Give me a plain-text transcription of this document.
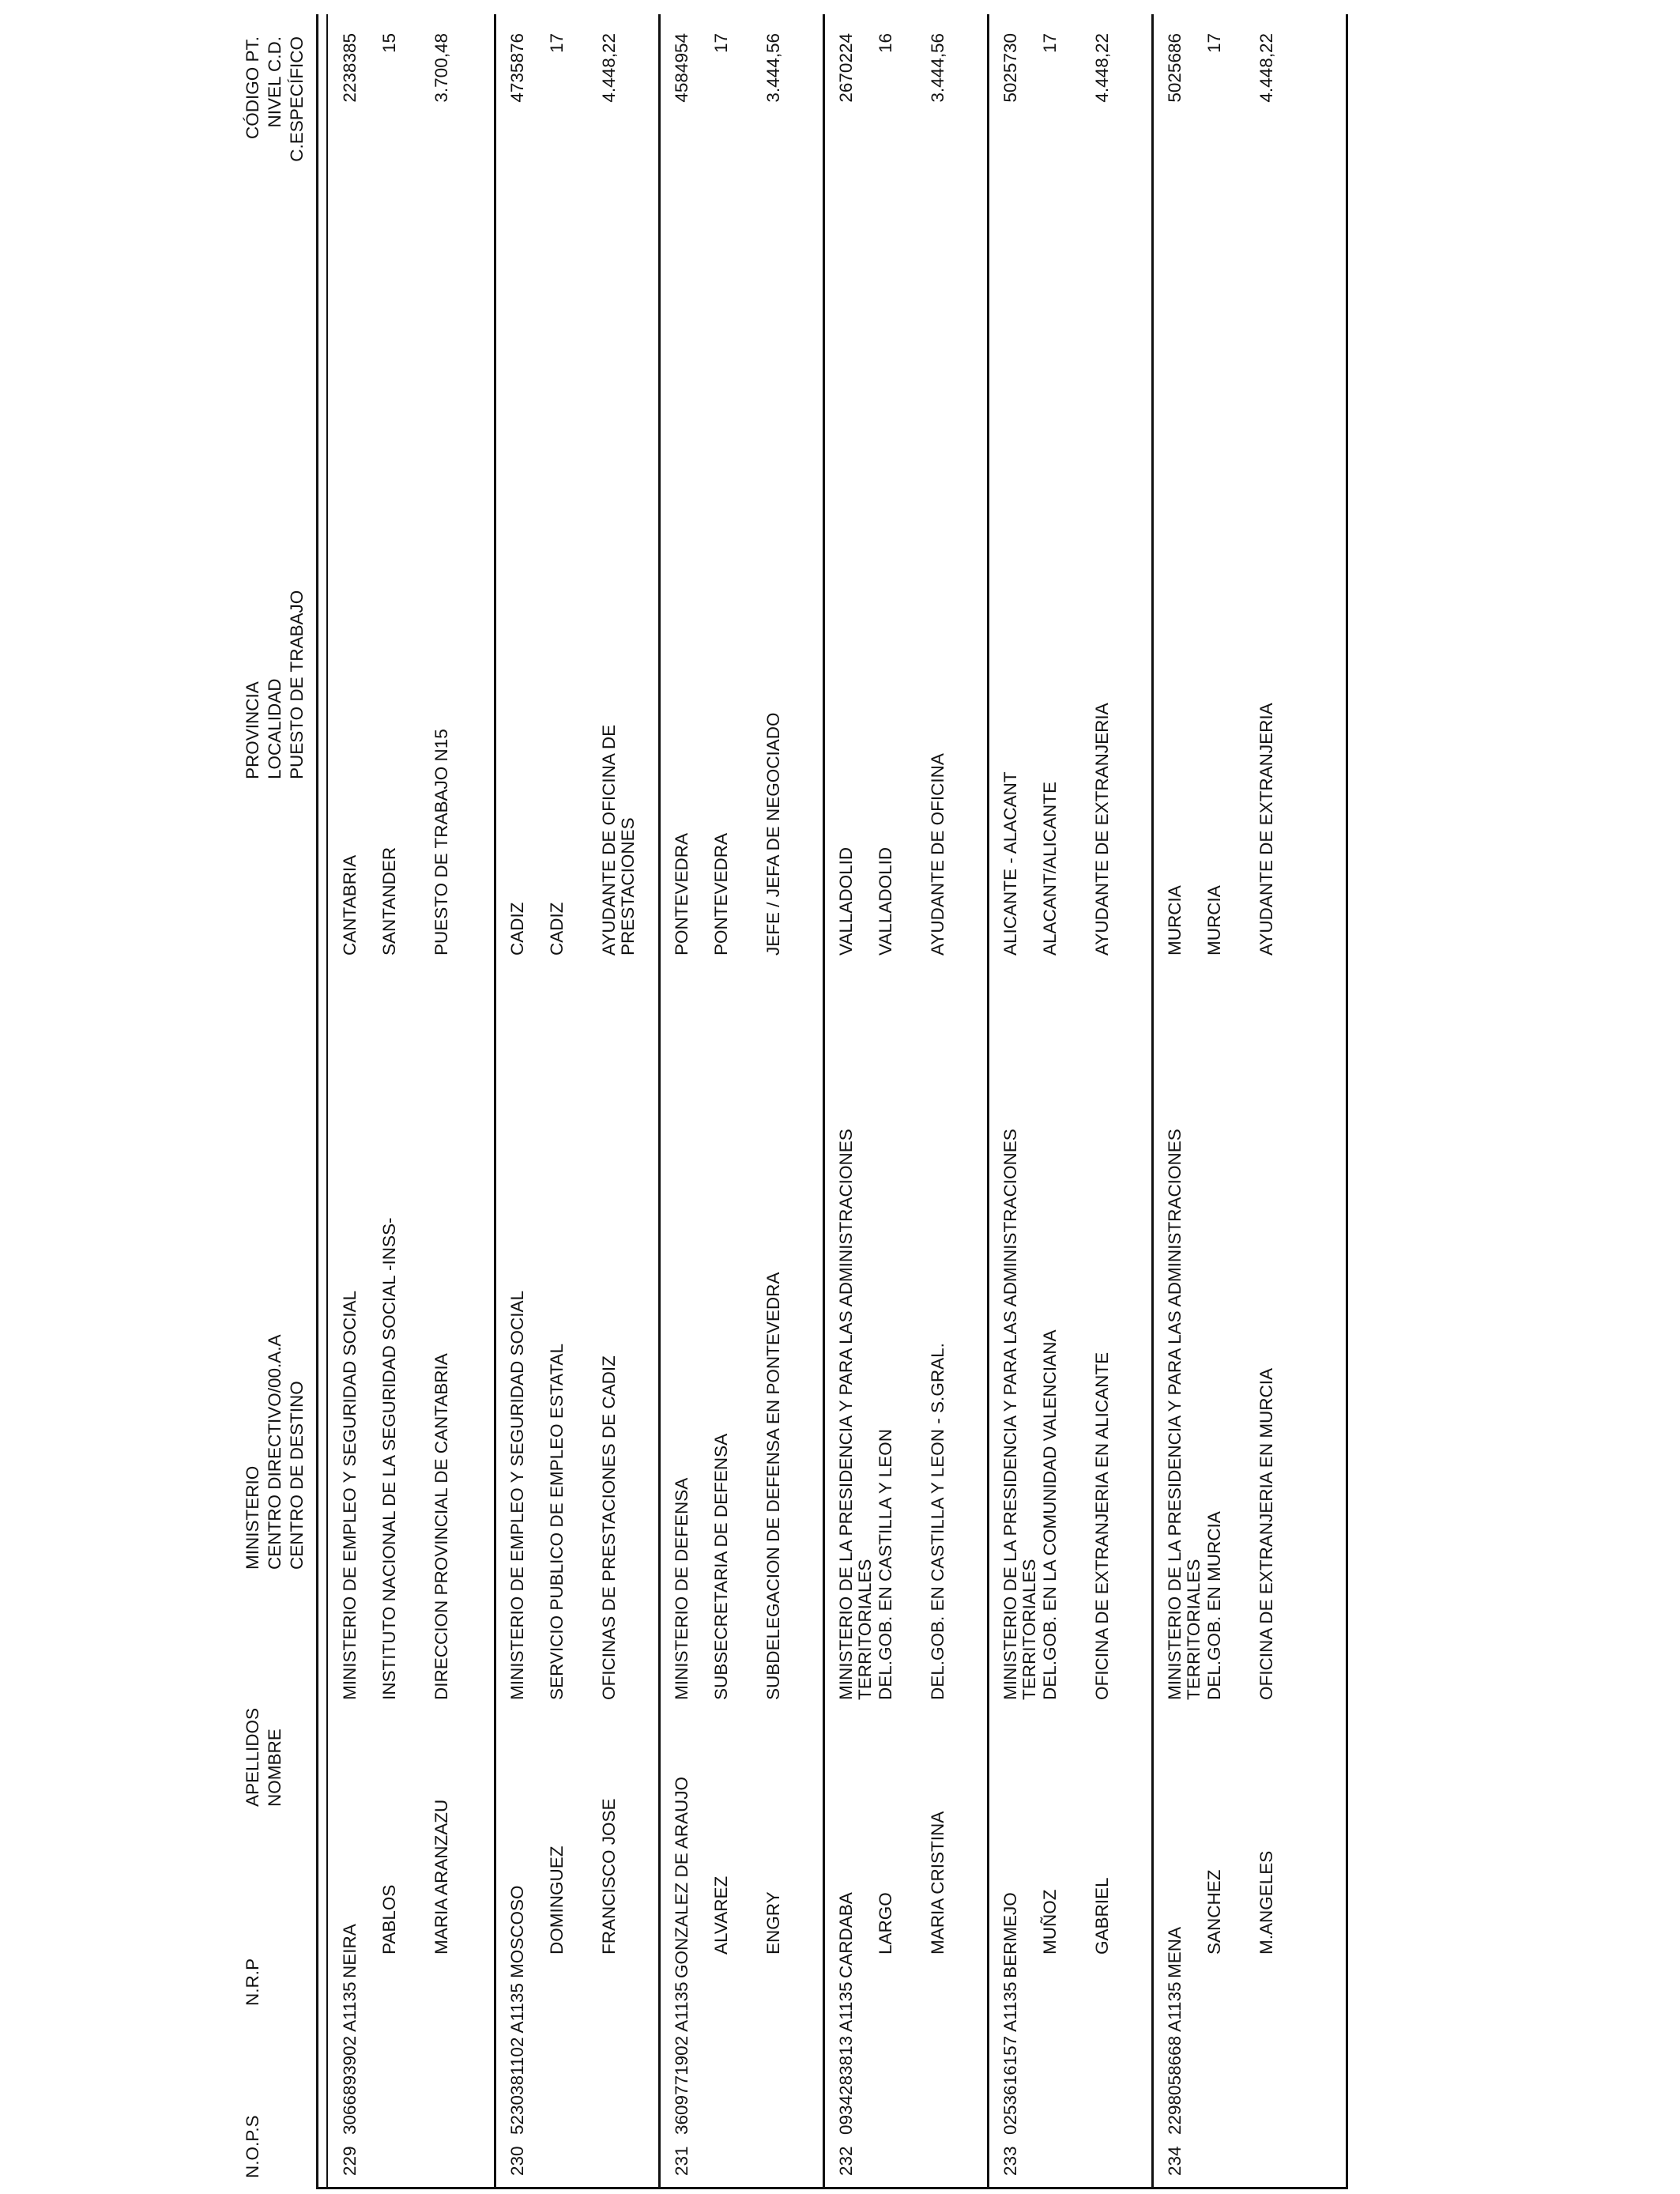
N.O.P.S
N.R.P
APELLIDOS NOMBRE
MINISTERIO CENTRO DIRECTIVO/00.A.A CENTRO DE DESTINO
PROVINCIA LOCALIDAD PUESTO DE TRABAJO
CÓDIGO PT. NIVEL C.D. C.ESPECÍFICO
229
3066893902 A1135
NEIRA PABLOS MARIA ARANZAZU
MINISTERIO DE EMPLEO Y SEGURIDAD SOCIAL INSTITUTO NACIONAL DE LA SEGURIDAD SOCIAL -INSS- DIRECCION PROVINCIAL DE CANTABRIA
CANTABRIA SANTANDER PUESTO DE TRABAJO N15
2238385 15 3.700,48
230
5230381102 A1135
MOSCOSO DOMINGUEZ FRANCISCO JOSE
MINISTERIO DE EMPLEO Y SEGURIDAD SOCIAL SERVICIO PUBLICO DE EMPLEO ESTATAL OFICINAS DE PRESTACIONES DE CADIZ
CADIZ CADIZ AYUDANTE DE OFICINA DE PRESTACIONES
4735876 17 4.448,22
231
3609771902 A1135
GONZALEZ DE ARAUJO ALVAREZ ENGRY
MINISTERIO DE DEFENSA SUBSECRETARIA DE DEFENSA SUBDELEGACION DE DEFENSA EN PONTEVEDRA
PONTEVEDRA PONTEVEDRA JEFE / JEFA DE NEGOCIADO
4584954 17 3.444,56
232
0934283813 A1135
CARDABA LARGO MARIA CRISTINA
MINISTERIO DE LA PRESIDENCIA Y PARA LAS ADMINISTRACIONES TERRITORIALES DEL.GOB. EN CASTILLA Y LEON DEL.GOB. EN CASTILLA Y LEON - S.GRAL.
VALLADOLID VALLADOLID AYUDANTE DE OFICINA
2670224 16 3.444,56
233
0253616157 A1135
BERMEJO MUÑOZ GABRIEL
MINISTERIO DE LA PRESIDENCIA Y PARA LAS ADMINISTRACIONES TERRITORIALES DEL.GOB. EN LA COMUNIDAD VALENCIANA OFICINA DE EXTRANJERIA EN ALICANTE
ALICANTE - ALACANT ALACANT/ALICANTE AYUDANTE DE EXTRANJERIA
5025730 17 4.448,22
234
2298058668 A1135
MENA SANCHEZ M.ANGELES
MINISTERIO DE LA PRESIDENCIA Y PARA LAS ADMINISTRACIONES TERRITORIALES DEL.GOB. EN MURCIA OFICINA DE EXTRANJERIA EN MURCIA
MURCIA MURCIA AYUDANTE DE EXTRANJERIA
5025686 17 4.448,22
